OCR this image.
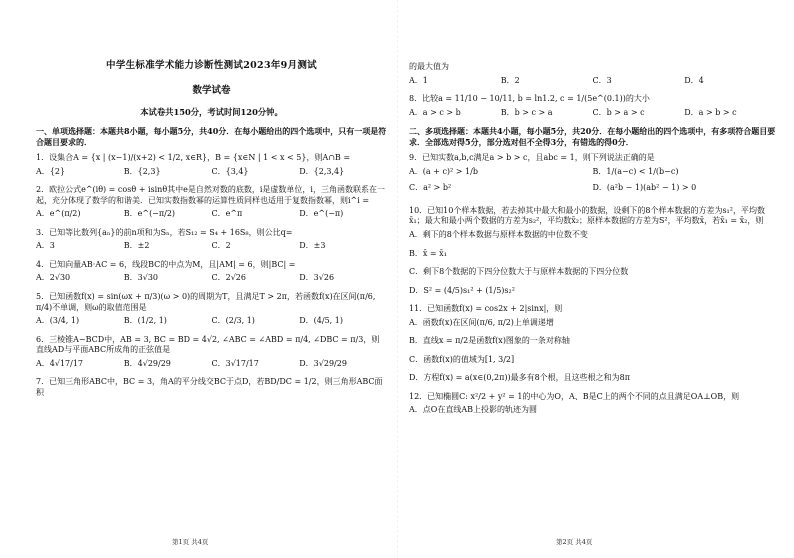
中学生标准学术能力诊断性测试2023年9月测试
数学试卷
本试卷共150分，考试时间120分钟。
一、单项选择题：本题共8小题，每小题5分，共40分．在每小题给出的四个选项中，只有一项是符合题目要求的．
1．设集合A = {x | (x−1)/(x+2) < 1/2, x∈R}，B = {x∈N | 1 < x < 5}，则A∩B =
A．{2}	B．{2,3}	C．{3,4}	D．{2,3,4}
2．欧拉公式e^(iθ) = cosθ + isinθ其中e是自然对数的底数，i是虚数单位，i，三角函数联系在一起，充分体现了数学的和谐美．已知实数指数幂的运算性质同样也适用于复数指数幂，则i^i =
A．e^(π/2)	B．e^(−π/2)	C．e^π	D．e^(−π)
3．已知等比数列{aₙ}的前n项和为Sₙ，若S₁₂ = S₄ + 16S₈，则公比q=
A．3	B．±2	C．2	D．±3
4．已知向量AB·AC = 6，线段BC的中点为M，且|AM| = 6，则|BC| =
A．2√30	B．3√30	C．2√26	D．3√26
5．已知函数f(x) = sin(ωx + π/3)(ω > 0)的周期为T，且满足T > 2π，若函数f(x)在区间(π/6, π/4)不单调，则ω的取值范围是
A．(3/4, 1)	B．(1/2, 1)	C．(2/3, 1)	D．(4/5, 1)
6．三棱锥A−BCD中，AB = 3, BC = BD = 4√2, ∠ABC = ∠ABD = π/4, ∠DBC = π/3，则直线AD与平面ABC所成角的正弦值是
A．4√17/17	B．4√29/29	C．3√17/17	D．3√29/29
7．已知三角形ABC中，BC = 3，角A的平分线交BC于点D，若BD/DC = 1/2，则三角形ABC面积
的最大值为
A．1	B．2	C．3	D．4
8．比较a = 11/10 − 10/11, b = ln1.2, c = 1/(5e^(0.1))的大小
A．a > c > b	B．b > c > a	C．b > a > c	D．a > b > c
二、多项选择题：本题共4小题，每小题5分，共20分．在每小题给出的四个选项中，有多项符合题目要求．全部选对得5分，部分选对但不全得3分，有错选的得0分．
9．已知实数a,b,c满足a > b > c，且abc = 1，则下列说法正确的是
A．(a + c)² > 1/b	B．1/(a−c) < 1/(b−c)
C．a² > b²	D．(a²b − 1)(ab² − 1) > 0
10．已知10个样本数据，若去掉其中最大和最小的数据，设剩下的8个样本数据的方差为s₁²，平均数x̄₁；最大和最小两个数据的方差为s₂²，平均数x̄₂；原样本数据的方差为S²，平均数x̄，若x̄₁ = x̄₂，则
A．剩下的8个样本数据与原样本数据的中位数不变
B．x̄ = x̄₁
C．剩下8个数据的下四分位数大于与原样本数据的下四分位数
D．S² = (4/5)s₁² + (1/5)s₂²
11．已知函数f(x) = cos2x + 2|sinx|，则
A．函数f(x)在区间(π/6, π/2)上单调递增
B．直线x = π/2是函数f(x)图象的一条对称轴
C．函数f(x)的值域为[1, 3/2]
D．方程f(x) = a(x∈(0,2π))最多有8个根，且这些根之和为8π
12．已知椭圆C: x²/2 + y² = 1的中心为O，A、B是C上的两个不同的点且满足OA⊥OB，则
A．点O在直线AB上投影的轨迹为圆
第1页 共4页	第2页 共4页
